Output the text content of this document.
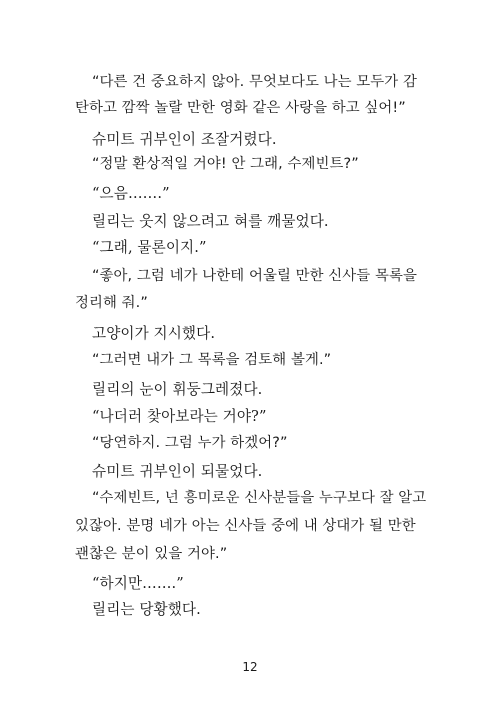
“다른 건 중요하지 않아. 무엇보다도 나는 모두가 감
탄하고 깜짝 놀랄 만한 영화 같은 사랑을 하고 싶어!”
슈미트 귀부인이 조잘거렸다.
“정말 환상적일 거야! 안 그래, 수제빈트?”
“으음…….”
릴리는 웃지 않으려고 혀를 깨물었다.
“그래, 물론이지.”
“좋아, 그럼 네가 나한테 어울릴 만한 신사들 목록을
정리해 줘.”
고양이가 지시했다.
“그러면 내가 그 목록을 검토해 볼게.”
릴리의 눈이 휘둥그레졌다.
“나더러 찾아보라는 거야?”
“당연하지. 그럼 누가 하겠어?”
슈미트 귀부인이 되물었다.
“수제빈트, 넌 흥미로운 신사분들을 누구보다 잘 알고
있잖아. 분명 네가 아는 신사들 중에 내 상대가 될 만한
괜찮은 분이 있을 거야.”
“하지만…….”
릴리는 당황했다.
12
